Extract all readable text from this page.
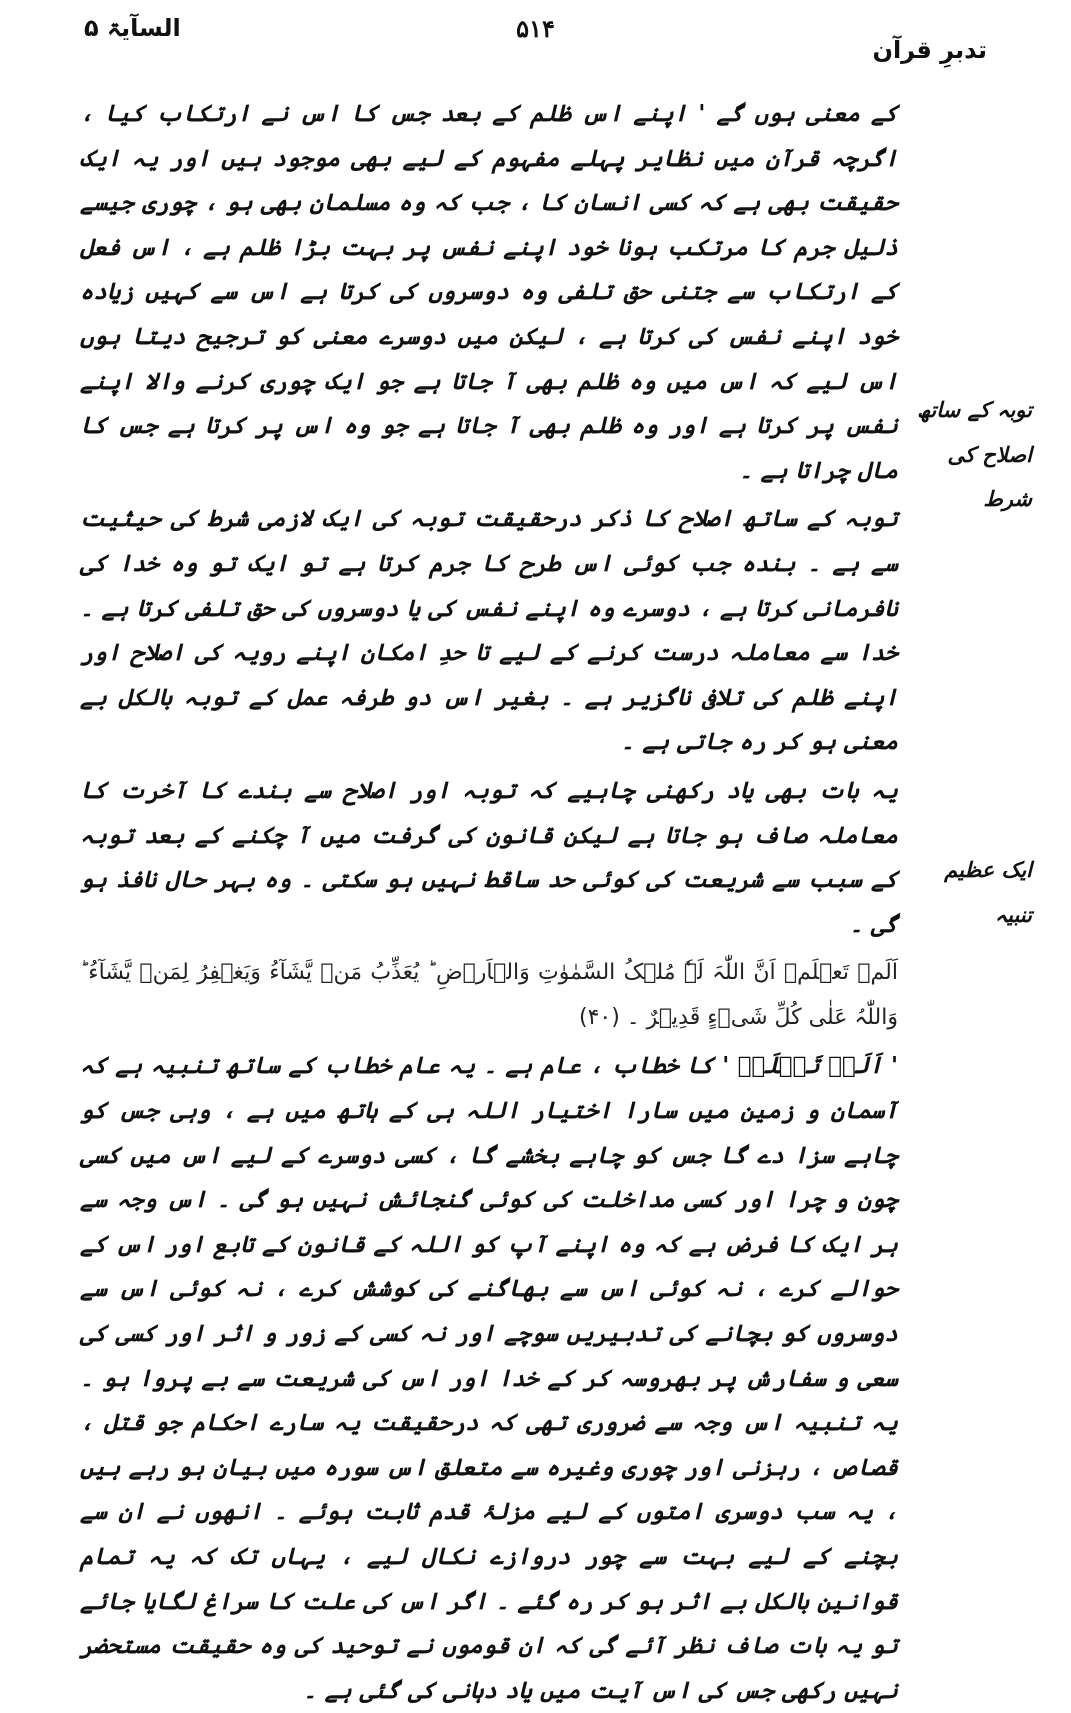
السآیۃ ۵	۵۱۴
تدبرِ قرآن

کے معنی ہوں گے ' اپنے اس ظلم کے بعد جس کا اس نے ارتکاب کیا ، اگرچہ قرآن میں نظایر پہلے مفہوم کے لیے بھی موجود ہیں اور یہ ایک حقیقت بھی ہے کہ کسی انسان کا ، جب کہ وہ مسلمان بھی ہو ، چوری جیسے ذلیل جرم کا مرتکب ہونا خود اپنے نفس پر بہت بڑا ظلم ہے ، اس فعل کے ارتکاب سے جتنی حق تلفی وہ دوسروں کی کرتا ہے اس سے کہیں زیادہ خود اپنے نفس کی کرتا ہے ، لیکن میں دوسرے معنی کو ترجیح دیتا ہوں اس لیے کہ اس میں وہ ظلم بھی آ جاتا ہے جو ایک چوری کرنے والا اپنے نفس پر کرتا ہے اور وہ ظلم بھی آ جاتا ہے جو وہ اس پر کرتا ہے جس کا مال چراتا ہے ۔

توبہ کے ساتھ اصلاح کا ذکر درحقیقت توبہ کی ایک لازمی شرط کی حیثیت سے ہے ۔ بندہ جب کوئی اس طرح کا جرم کرتا ہے تو ایک تو وہ خدا کی نافرمانی کرتا ہے ، دوسرے وہ اپنے نفس کی یا دوسروں کی حق تلفی کرتا ہے ۔ خدا سے معاملہ درست کرنے کے لیے تا حدِ امکان اپنے رویہ کی اصلاح اور اپنے ظلم کی تلافی ناگزیر ہے ۔ بغیر اس دو طرفہ عمل کے توبہ بالکل بے معنی ہو کر رہ جاتی ہے ۔

یہ بات بھی یاد رکھنی چاہیے کہ توبہ اور اصلاح سے بندے کا آخرت کا معاملہ صاف ہو جاتا ہے لیکن قانون کی گرفت میں آ چکنے کے بعد توبہ کے سبب سے شریعت کی کوئی حد ساقط نہیں ہو سکتی ۔ وہ بہر حال نافذ ہو گی ۔

اَلَمۡ تَعۡلَمۡ اَنَّ اللّٰہَ لَہٗ مُلۡکُ السَّمٰوٰتِ وَالۡاَرۡضِ ؕ یُعَذِّبُ مَنۡ یَّشَآءُ وَیَغۡفِرُ لِمَنۡ یَّشَآءُ ؕ وَاللّٰہُ عَلٰی کُلِّ شَیۡءٍ قَدِیۡرٌ ۔ (۴۰)

' اَلَمۡ تَعۡلَمۡ ' کا خطاب ، عام ہے ۔ یہ عام خطاب کے ساتھ تنبیہ ہے کہ آسمان و زمین میں سارا اختیار اللہ ہی کے ہاتھ میں ہے ، وہی جس کو چاہے سزا دے گا جس کو چاہے بخشے گا ، کسی دوسرے کے لیے اس میں کسی چون و چرا اور کسی مداخلت کی کوئی گنجائش نہیں ہو گی ۔ اس وجہ سے ہر ایک کا فرض ہے کہ وہ اپنے آپ کو اللہ کے قانون کے تابع اور اس کے حوالے کرے ، نہ کوئی اس سے بھاگنے کی کوشش کرے ، نہ کوئی اس سے دوسروں کو بچانے کی تدبیریں سوچے اور نہ کسی کے زور و اثر اور کسی کی سعی و سفارش پر بھروسہ کر کے خدا اور اس کی شریعت سے بے پروا ہو ۔ یہ تنبیہ اس وجہ سے ضروری تھی کہ درحقیقت یہ سارے احکام جو قتل ، قصاص ، رہزنی اور چوری وغیرہ سے متعلق اس سورہ میں بیان ہو رہے ہیں ، یہ سب دوسری امتوں کے لیے مزلۂ قدم ثابت ہوئے ۔ انھوں نے ان سے بچنے کے لیے بہت سے چور دروازے نکال لیے ، یہاں تک کہ یہ تمام قوانین بالکل بے اثر ہو کر رہ گئے ۔ اگر اس کی علت کا سراغ لگایا جائے تو یہ بات صاف نظر آئے گی کہ ان قوموں نے توحید کی وہ حقیقت مستحضر نہیں رکھی جس کی اس آیت میں یاد دہانی کی گئی ہے ۔

توبہ کے ساتھ اصلاح کی شرط
ایک عظیم تنبیہ
